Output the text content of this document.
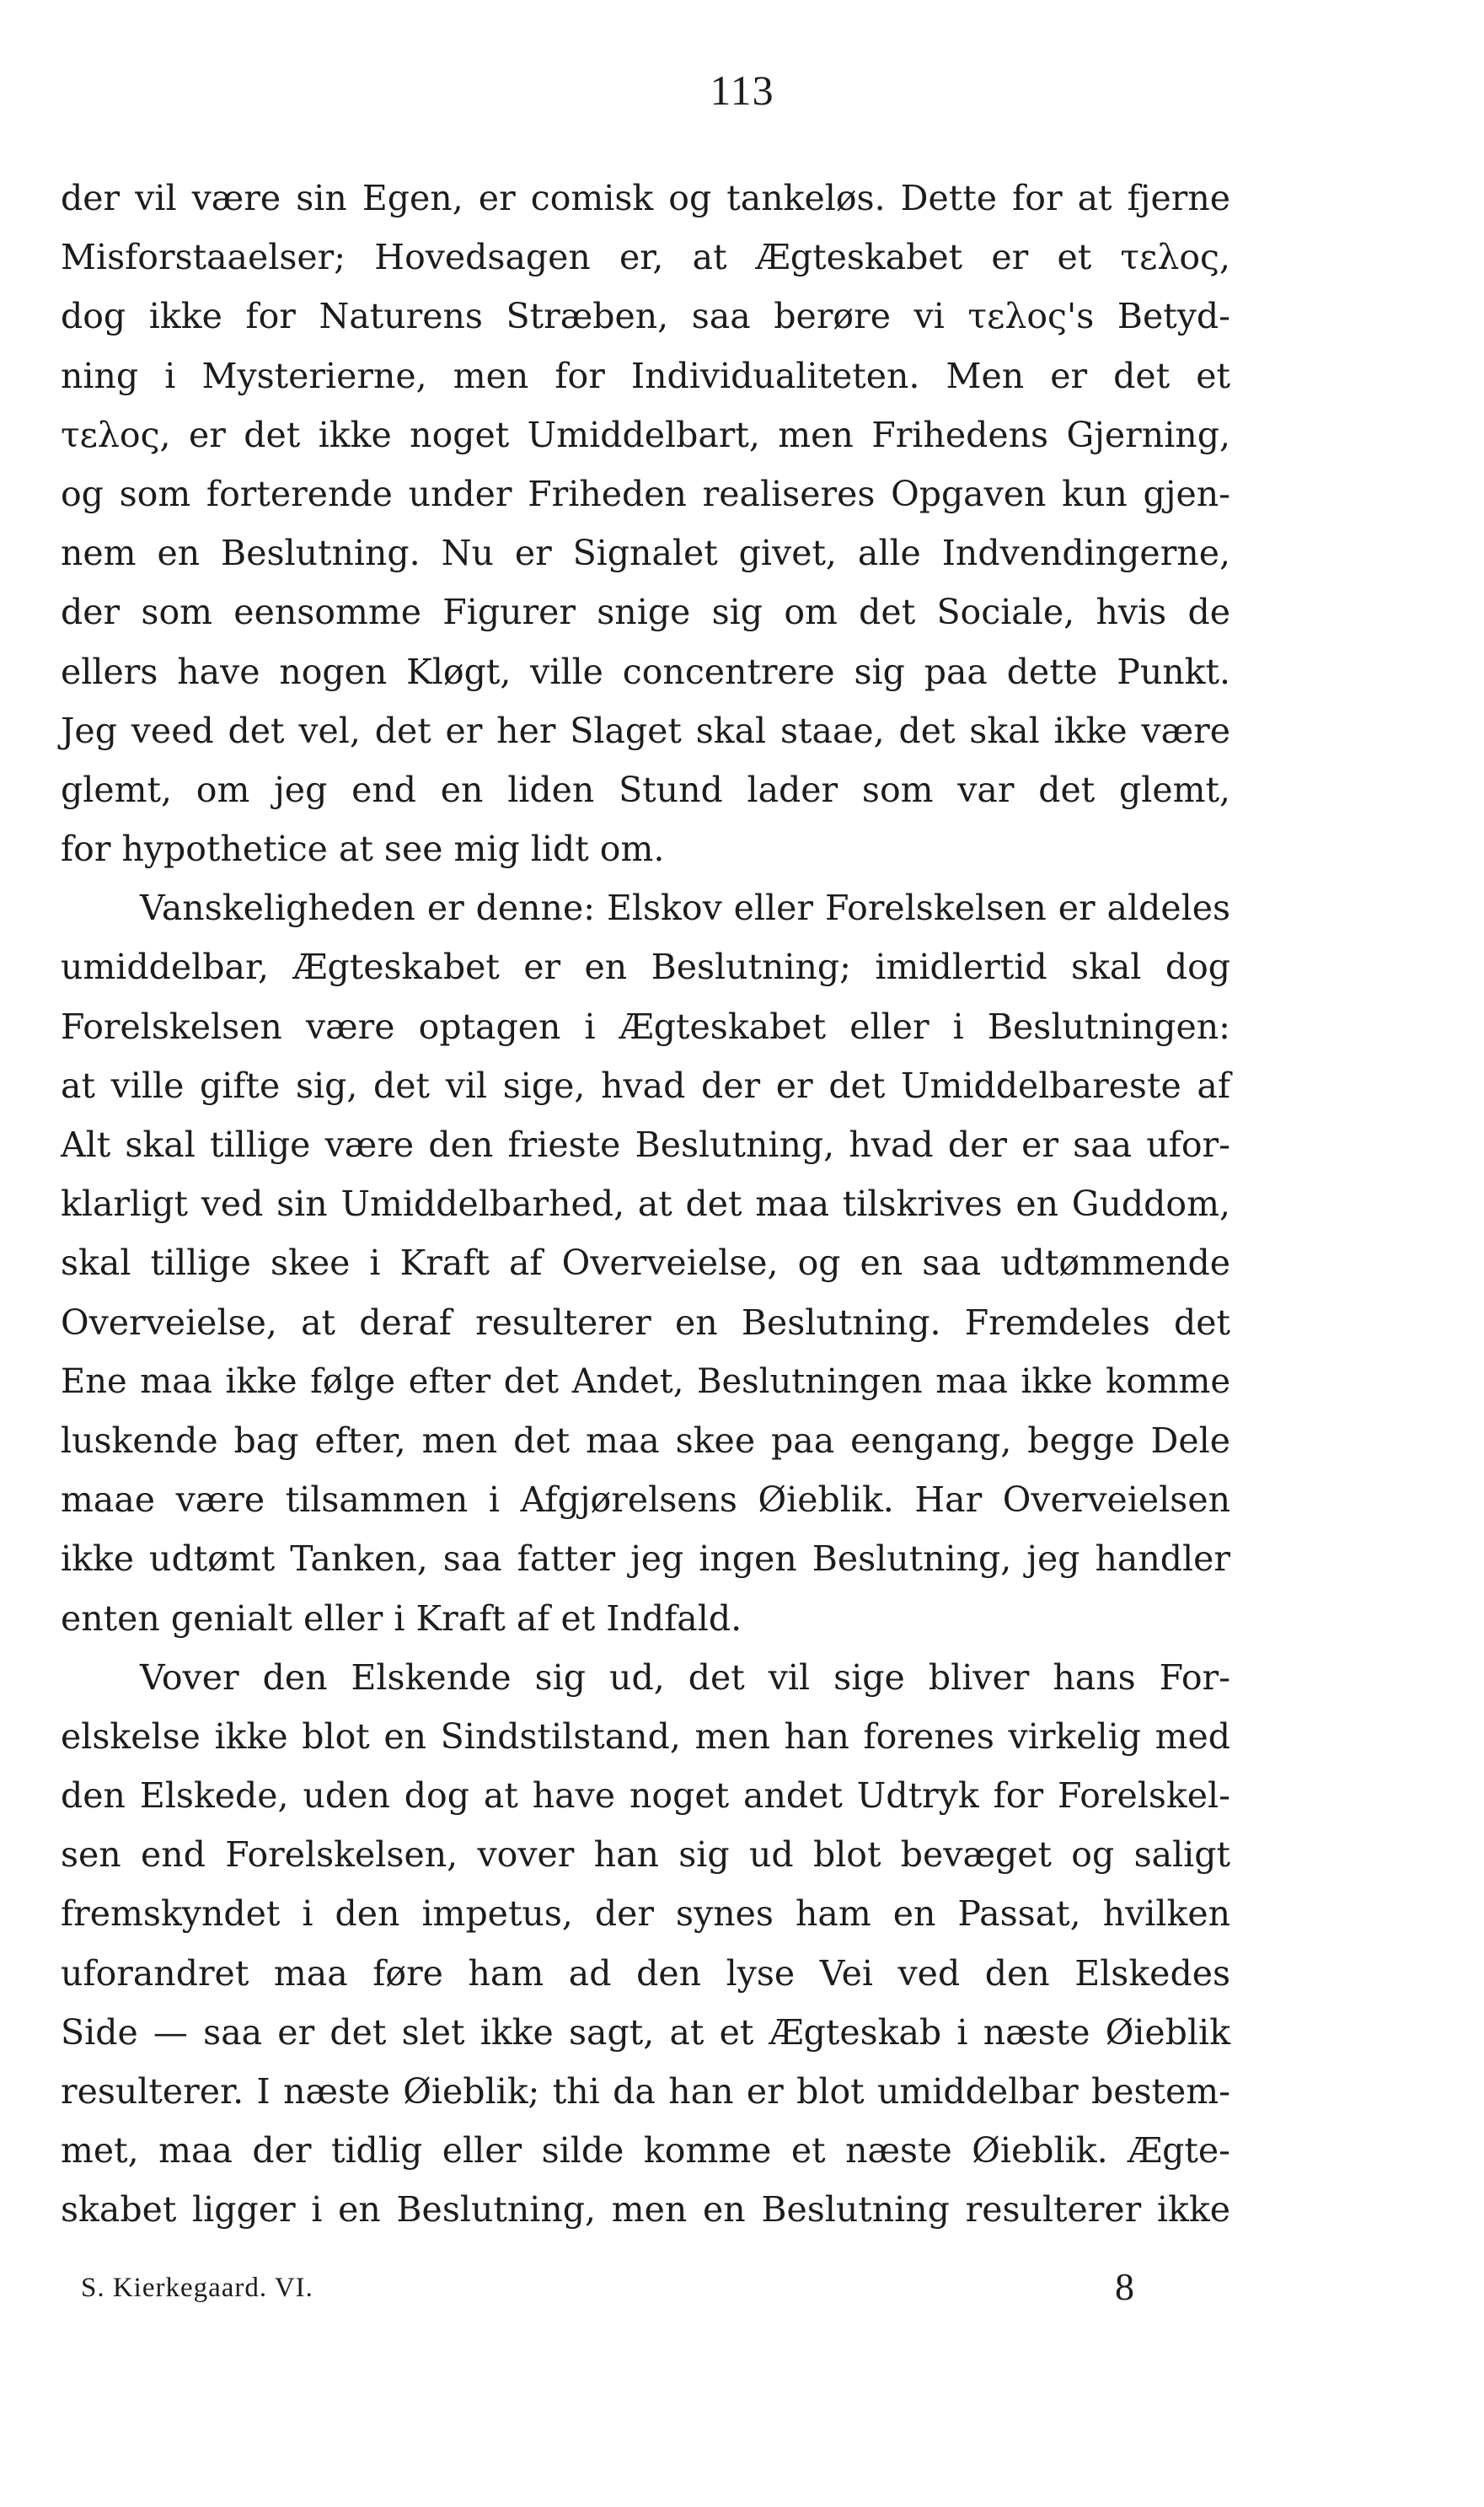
113
der vil være sin Egen, er comisk og tankeløs. Dette for at fjerne
Misforstaaelser; Hovedsagen er, at Ægteskabet er et τελος,
dog ikke for Naturens Stræben, saa berøre vi τελος's Betyd-
ning i Mysterierne, men for Individualiteten. Men er det et
τελος, er det ikke noget Umiddelbart, men Frihedens Gjerning,
og som forterende under Friheden realiseres Opgaven kun gjen-
nem en Beslutning. Nu er Signalet givet, alle Indvendingerne,
der som eensomme Figurer snige sig om det Sociale, hvis de
ellers have nogen Kløgt, ville concentrere sig paa dette Punkt.
Jeg veed det vel, det er her Slaget skal staae, det skal ikke være
glemt, om jeg end en liden Stund lader som var det glemt,
for hypothetice at see mig lidt om.
Vanskeligheden er denne: Elskov eller Forelskelsen er aldeles
umiddelbar, Ægteskabet er en Beslutning; imidlertid skal dog
Forelskelsen være optagen i Ægteskabet eller i Beslutningen:
at ville gifte sig, det vil sige, hvad der er det Umiddelbareste af
Alt skal tillige være den frieste Beslutning, hvad der er saa ufor-
klarligt ved sin Umiddelbarhed, at det maa tilskrives en Guddom,
skal tillige skee i Kraft af Overveielse, og en saa udtømmende
Overveielse, at deraf resulterer en Beslutning. Fremdeles det
Ene maa ikke følge efter det Andet, Beslutningen maa ikke komme
luskende bag efter, men det maa skee paa eengang, begge Dele
maae være tilsammen i Afgjørelsens Øieblik. Har Overveielsen
ikke udtømt Tanken, saa fatter jeg ingen Beslutning, jeg handler
enten genialt eller i Kraft af et Indfald.
Vover den Elskende sig ud, det vil sige bliver hans For-
elskelse ikke blot en Sindstilstand, men han forenes virkelig med
den Elskede, uden dog at have noget andet Udtryk for Forelskel-
sen end Forelskelsen, vover han sig ud blot bevæget og saligt
fremskyndet i den impetus, der synes ham en Passat, hvilken
uforandret maa føre ham ad den lyse Vei ved den Elskedes
Side — saa er det slet ikke sagt, at et Ægteskab i næste Øieblik
resulterer. I næste Øieblik; thi da han er blot umiddelbar bestem-
met, maa der tidlig eller silde komme et næste Øieblik. Ægte-
skabet ligger i en Beslutning, men en Beslutning resulterer ikke
S. Kierkegaard. VI.	8
